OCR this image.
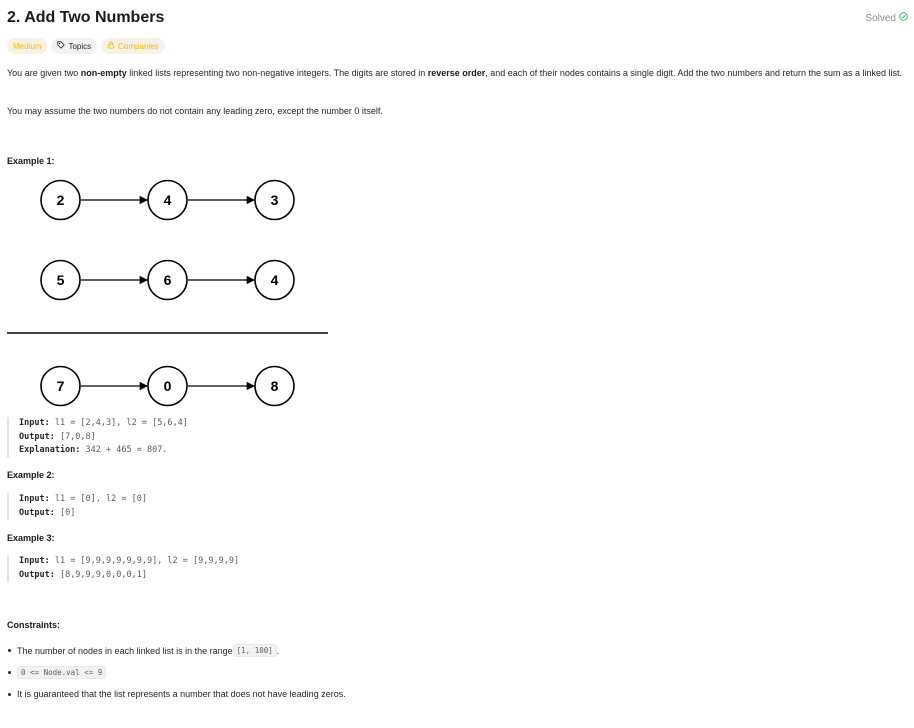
2. Add Two Numbers	Solved
Medium	Topics	Companies
You are given two non-empty linked lists representing two non-negative integers. The digits are stored in reverse order, and each of their nodes contains a single digit. Add the two numbers and return the sum as a linked list.
You may assume the two numbers do not contain any leading zero, except the number 0 itself.
Example 1:
2	4	3
5	6	4
7	0	8
Input: l1 = [2,4,3], l2 = [5,6,4]
Output: [7,0,8]
Explanation: 342 + 465 = 807.
Example 2:
Input: l1 = [0], l2 = [0]
Output: [0]
Example 3:
Input: l1 = [9,9,9,9,9,9,9], l2 = [9,9,9,9]
Output: [8,9,9,9,0,0,0,1]
Constraints:
The number of nodes in each linked list is in the range [1, 100] .
0 <= Node.val <= 9
It is guaranteed that the list represents a number that does not have leading zeros.
